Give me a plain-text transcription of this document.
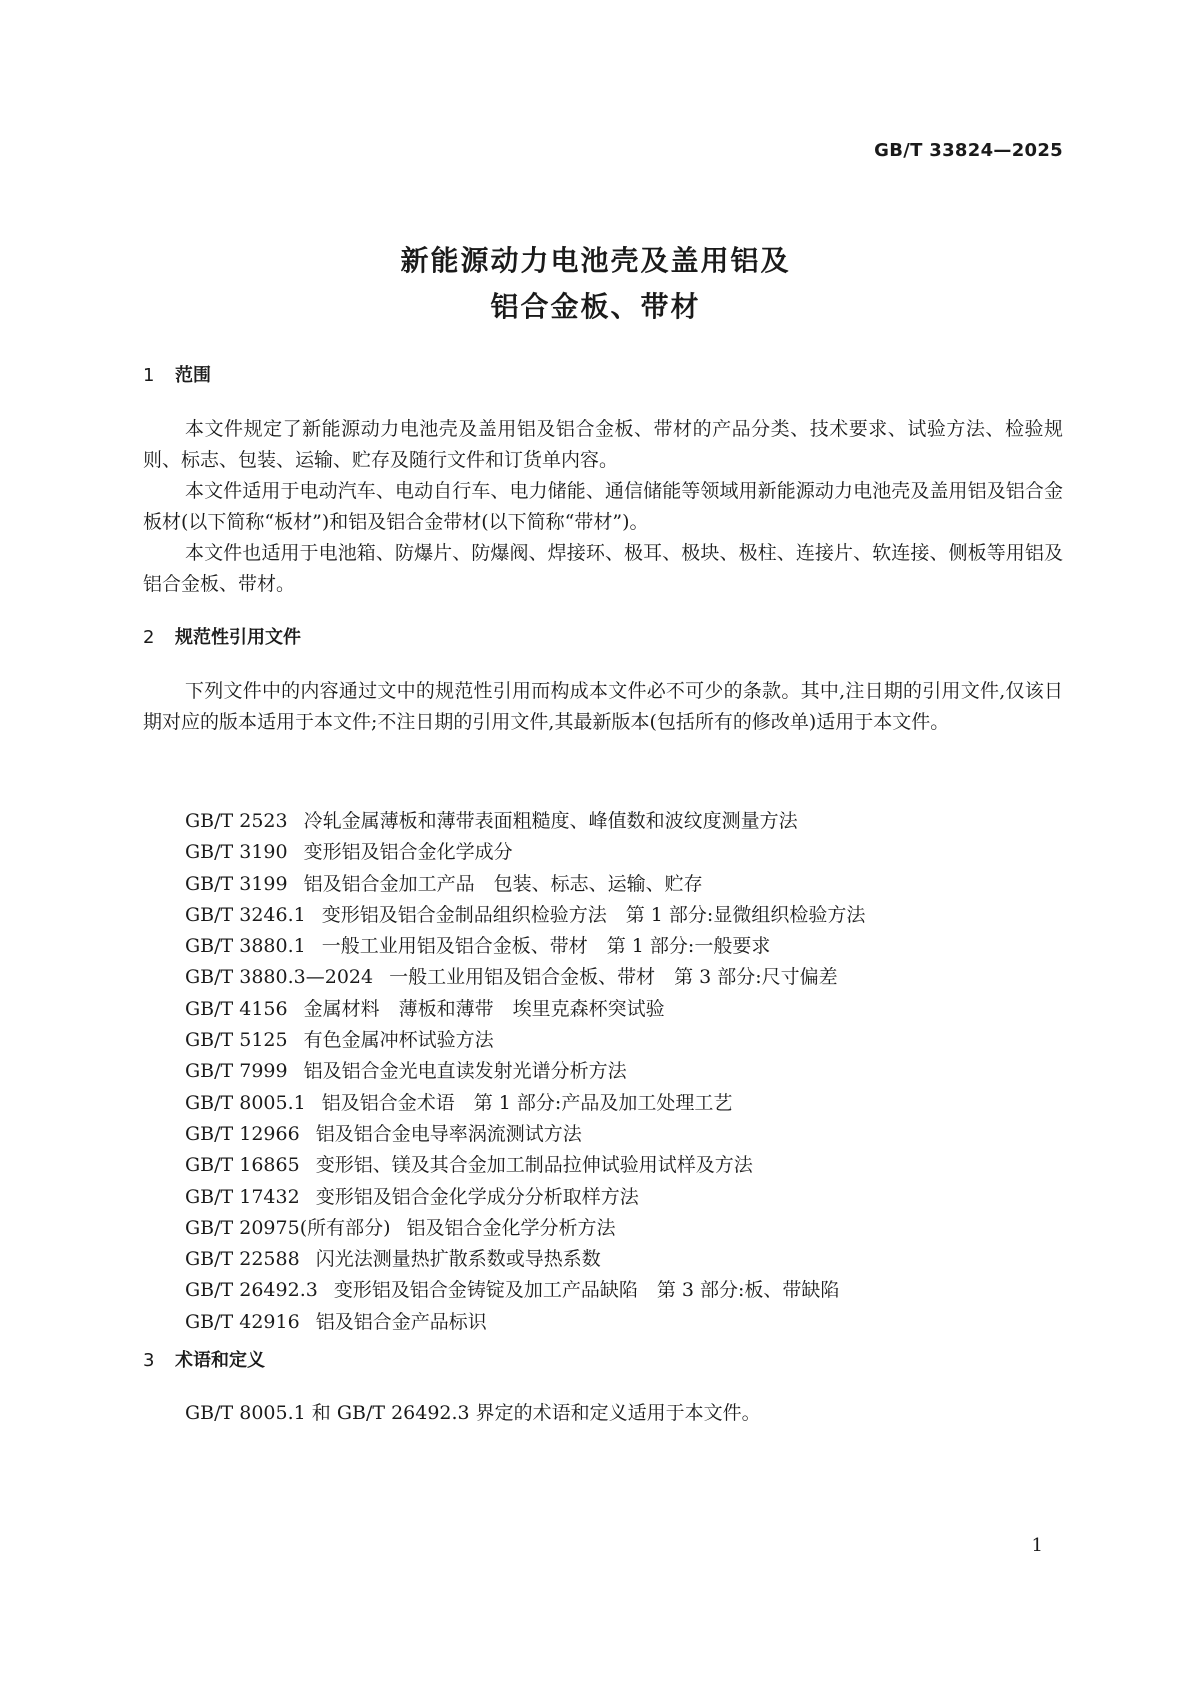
GB/T 33824—2025
新能源动力电池壳及盖用铝及
铝合金板、带材
1 范围

本文件规定了新能源动力电池壳及盖用铝及铝合金板、带材的产品分类、技术要求、试验方法、检验规则、标志、包装、运输、贮存及随行文件和订货单内容。

本文件适用于电动汽车、电动自行车、电力储能、通信储能等领域用新能源动力电池壳及盖用铝及铝合金板材(以下简称“板材”)和铝及铝合金带材(以下简称“带材”)。

本文件也适用于电池箱、防爆片、防爆阀、焊接环、极耳、极块、极柱、连接片、软连接、侧板等用铝及铝合金板、带材。

2 规范性引用文件

下列文件中的内容通过文中的规范性引用而构成本文件必不可少的条款。其中,注日期的引用文件,仅该日期对应的版本适用于本文件;不注日期的引用文件,其最新版本(包括所有的修改单)适用于本文件。

GB/T 2523 冷轧金属薄板和薄带表面粗糙度、峰值数和波纹度测量方法
GB/T 3190 变形铝及铝合金化学成分
GB/T 3199 铝及铝合金加工产品　包装、标志、运输、贮存
GB/T 3246.1 变形铝及铝合金制品组织检验方法　第 1 部分:显微组织检验方法
GB/T 3880.1 一般工业用铝及铝合金板、带材　第 1 部分:一般要求
GB/T 3880.3—2024 一般工业用铝及铝合金板、带材　第 3 部分:尺寸偏差
GB/T 4156 金属材料　薄板和薄带　埃里克森杯突试验
GB/T 5125 有色金属冲杯试验方法
GB/T 7999 铝及铝合金光电直读发射光谱分析方法
GB/T 8005.1 铝及铝合金术语　第 1 部分:产品及加工处理工艺
GB/T 12966 铝及铝合金电导率涡流测试方法
GB/T 16865 变形铝、镁及其合金加工制品拉伸试验用试样及方法
GB/T 17432 变形铝及铝合金化学成分分析取样方法
GB/T 20975(所有部分) 铝及铝合金化学分析方法
GB/T 22588 闪光法测量热扩散系数或导热系数
GB/T 26492.3 变形铝及铝合金铸锭及加工产品缺陷　第 3 部分:板、带缺陷
GB/T 42916 铝及铝合金产品标识
3 术语和定义

GB/T 8005.1 和 GB/T 26492.3 界定的术语和定义适用于本文件。

1
